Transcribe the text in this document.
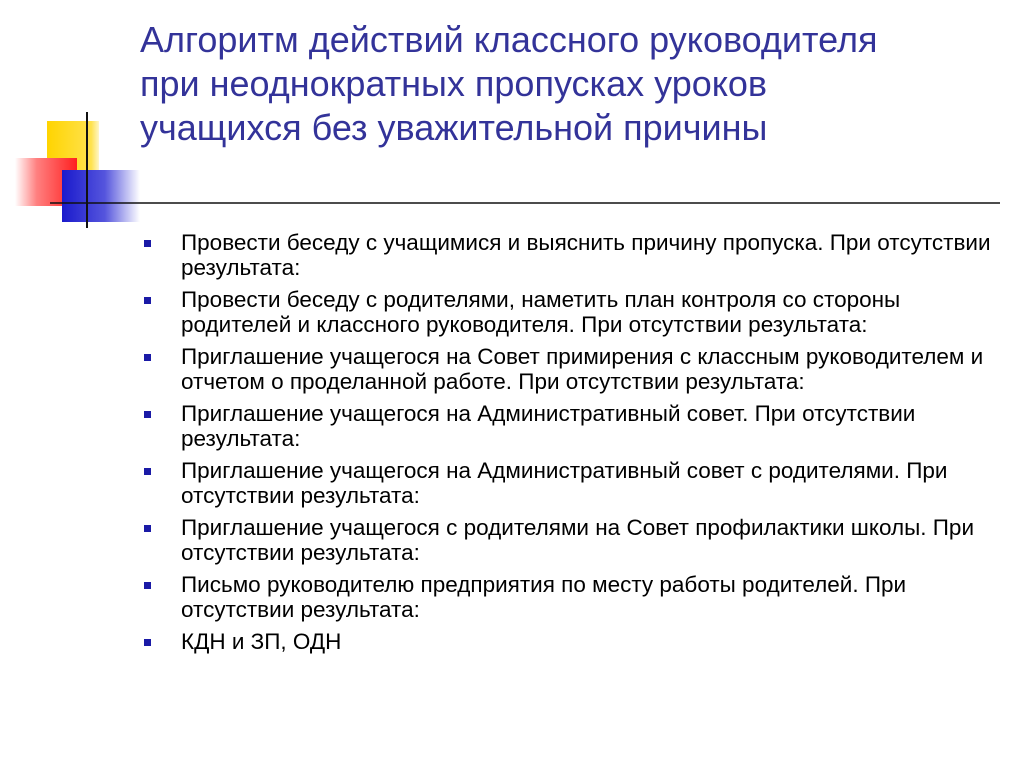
Алгоритм действий классного руководителя
при неоднократных пропусках уроков
учащихся без уважительной причины
Провести беседу с учащимися и выяснить причину пропуска. При отсутствии результата:
Провести беседу с родителями, наметить план контроля со стороны родителей и классного руководителя. При отсутствии результата:
Приглашение учащегося на Совет примирения с классным руководителем и отчетом о проделанной работе. При отсутствии результата:
Приглашение учащегося на Административный совет. При отсутствии результата:
Приглашение учащегося на Административный совет с родителями. При отсутствии результата:
Приглашение учащегося с родителями на Совет профилактики школы. При отсутствии результата:
Письмо руководителю предприятия по месту работы родителей. При отсутствии результата:
КДН и ЗП, ОДН
